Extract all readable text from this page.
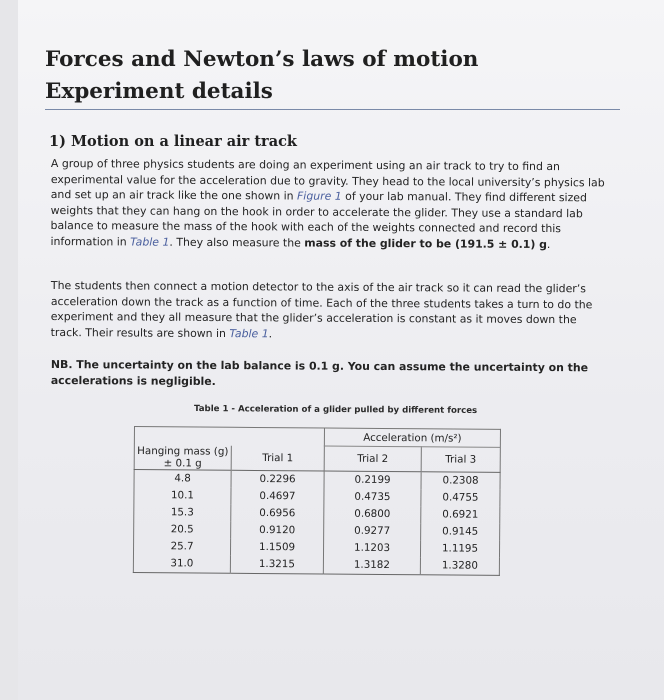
Forces and Newton’s laws of motion
Experiment details
1) Motion on a linear air track

A group of three physics students are doing an experiment using an air track to try to find an experimental value for the acceleration due to gravity. They head to the local university’s physics lab and set up an air track like the one shown in Figure 1 of your lab manual. They find different sized weights that they can hang on the hook in order to accelerate the glider. They use a standard lab balance to measure the mass of the hook with each of the weights connected and record this information in Table 1. They also measure the mass of the glider to be (191.5 ± 0.1) g.

The students then connect a motion detector to the axis of the air track so it can read the glider’s acceleration down the track as a function of time. Each of the three students takes a turn to do the experiment and they all measure that the glider’s acceleration is constant as it moves down the track. Their results are shown in Table 1.

NB. The uncertainty on the lab balance is 0.1 g. You can assume the uncertainty on the accelerations is negligible.

Table 1 - Acceleration of a glider pulled by different forces
		Acceleration (m/s²)	
Hanging mass (g)
± 0.1 g	Trial 1	Trial 2	Trial 3
4.8	0.2296	0.2199	0.2308
10.1	0.4697	0.4735	0.4755
15.3	0.6956	0.6800	0.6921
20.5	0.9120	0.9277	0.9145
25.7	1.1509	1.1203	1.1195
31.0	1.3215	1.3182	1.3280
